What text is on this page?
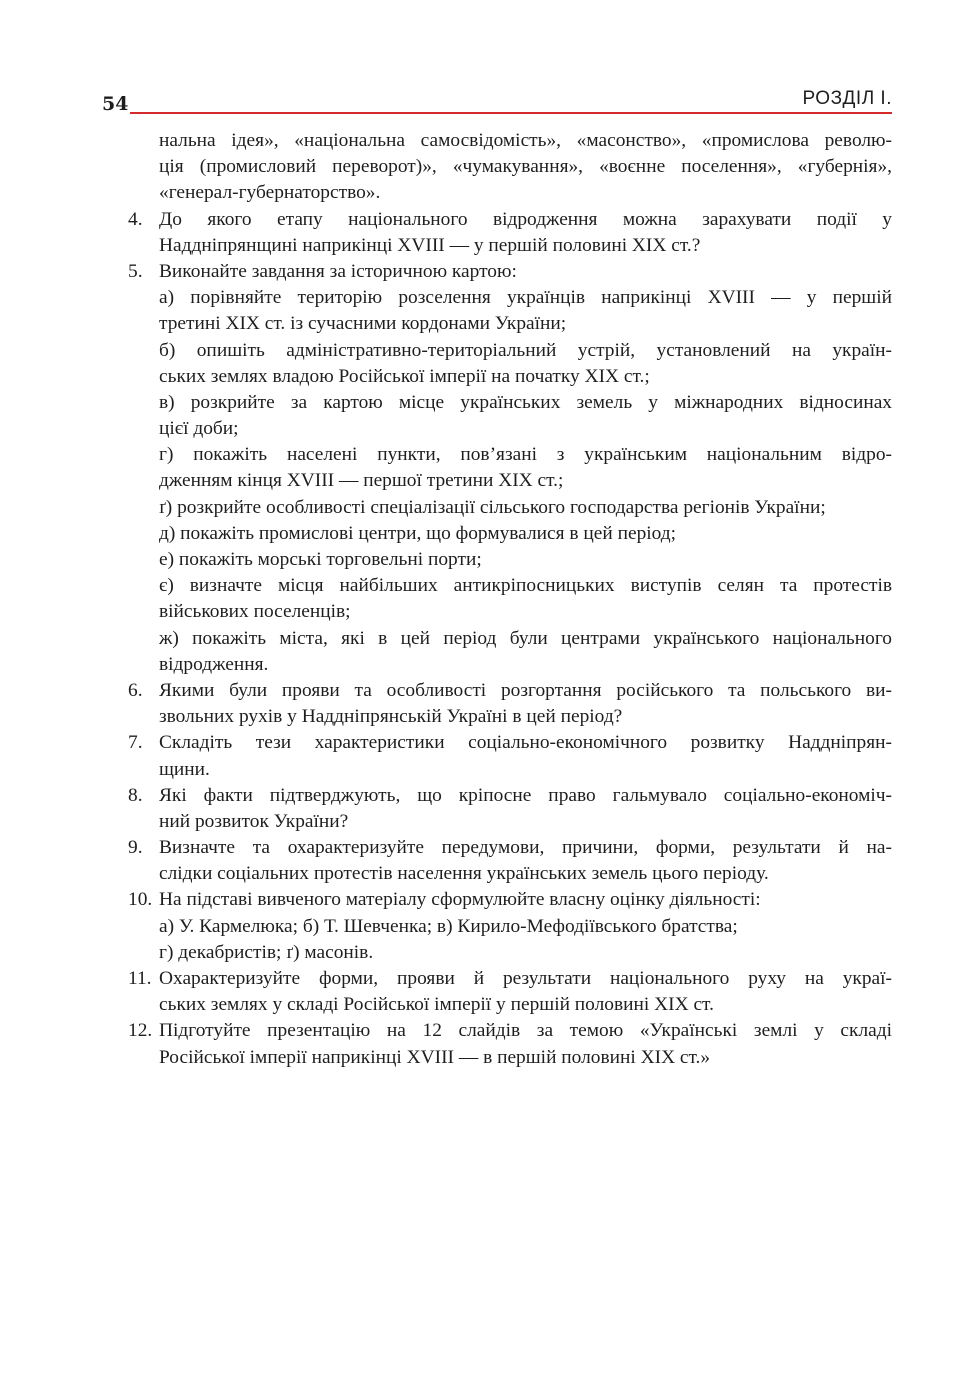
54	РОЗДІЛ I.
нальна ідея», «національна самосвідомість», «масонство», «промислова револю-
ція (промисловий переворот)», «чумакування», «воєнне поселення», «губернія»,
«генерал-губернаторство».
4. До якого етапу національного відродження можна зарахувати події у
Наддніпрянщині наприкінці XVIII — у першій половині XIX ст.?
5. Виконайте завдання за історичною картою:
а) порівняйте територію розселення українців наприкінці XVIII — у першій
третині XIX ст. із сучасними кордонами України;
б) опишіть адміністративно-територіальний устрій, установлений на україн-
ських землях владою Російської імперії на початку XIX ст.;
в) розкрийте за картою місце українських земель у міжнародних відносинах
цієї доби;
г) покажіть населені пункти, пов’язані з українським національним відро-
дженням кінця XVIII — першої третини XIX ст.;
ґ) розкрийте особливості спеціалізації сільського господарства регіонів України;
д) покажіть промислові центри, що формувалися в цей період;
е) покажіть морські торговельні порти;
є) визначте місця найбільших антикріпосницьких виступів селян та протестів
військових поселенців;
ж) покажіть міста, які в цей період були центрами українського національного
відродження.
6. Якими були прояви та особливості розгортання російського та польського ви-
звольних рухів у Наддніпрянській Україні в цей період?
7. Складіть тези характеристики соціально-економічного розвитку Наддніпрян-
щини.
8. Які факти підтверджують, що кріпосне право гальмувало соціально-економіч-
ний розвиток України?
9. Визначте та охарактеризуйте передумови, причини, форми, результати й на-
слідки соціальних протестів населення українських земель цього періоду.
10. На підставі вивченого матеріалу сформулюйте власну оцінку діяльності:
а) У. Кармелюка; б) Т. Шевченка; в) Кирило-Мефодіївського братства;
г) декабристів; ґ) масонів.
11. Охарактеризуйте форми, прояви й результати національного руху на украї-
ських землях у складі Російської імперії у першій половині XIX ст.
12. Підготуйте презентацію на 12 слайдів за темою «Українські землі у складі
Російської імперії наприкінці XVIII — в першій половині XIX ст.»
